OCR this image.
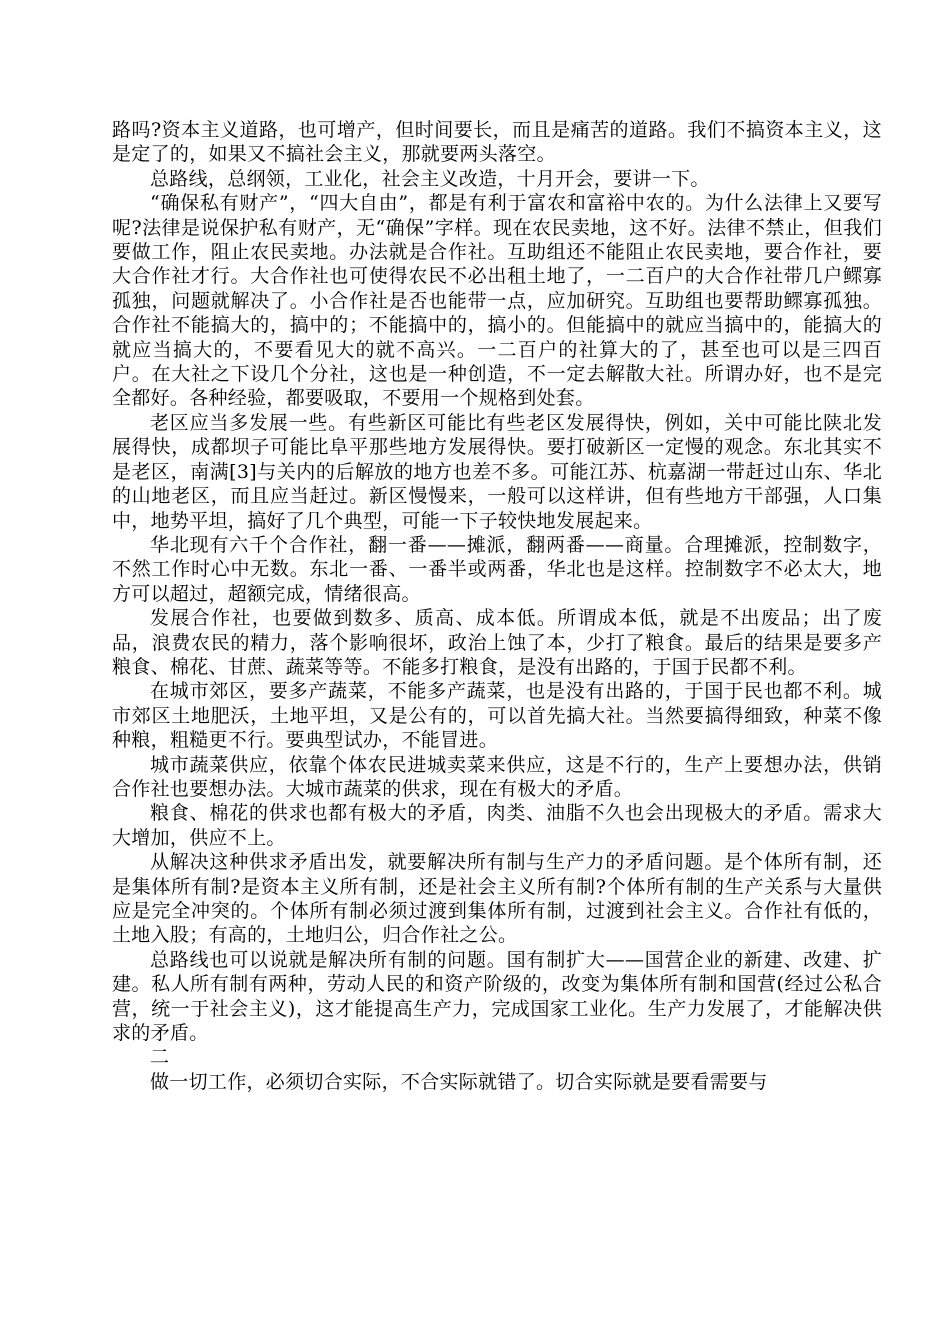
路吗?资本主义道路，也可增产，但时间要长，而且是痛苦的道路。我们不搞资本主义，这是定了的，如果又不搞社会主义，那就要两头落空。

总路线，总纲领，工业化，社会主义改造，十月开会，要讲一下。

“确保私有财产”，“四大自由”，都是有利于富农和富裕中农的。为什么法律上又要写呢?法律是说保护私有财产，无“确保”字样。现在农民卖地，这不好。法律不禁止，但我们要做工作，阻止农民卖地。办法就是合作社。互助组还不能阻止农民卖地，要合作社，要大合作社才行。大合作社也可使得农民不必出租土地了，一二百户的大合作社带几户鳏寡孤独，问题就解决了。小合作社是否也能带一点，应加研究。互助组也要帮助鳏寡孤独。合作社不能搞大的，搞中的；不能搞中的，搞小的。但能搞中的就应当搞中的，能搞大的就应当搞大的，不要看见大的就不高兴。一二百户的社算大的了，甚至也可以是三四百户。在大社之下设几个分社，这也是一种创造，不一定去解散大社。所谓办好，也不是完全都好。各种经验，都要吸取，不要用一个规格到处套。

老区应当多发展一些。有些新区可能比有些老区发展得快，例如，关中可能比陕北发展得快，成都坝子可能比阜平那些地方发展得快。要打破新区一定慢的观念。东北其实不是老区，南满[3]与关内的后解放的地方也差不多。可能江苏、杭嘉湖一带赶过山东、华北的山地老区，而且应当赶过。新区慢慢来，一般可以这样讲，但有些地方干部强，人口集中，地势平坦，搞好了几个典型，可能一下子较快地发展起来。

华北现有六千个合作社，翻一番——摊派，翻两番——商量。合理摊派，控制数字，不然工作时心中无数。东北一番、一番半或两番，华北也是这样。控制数字不必太大，地方可以超过，超额完成，情绪很高。

发展合作社，也要做到数多、质高、成本低。所谓成本低，就是不出废品；出了废品，浪费农民的精力，落个影响很坏，政治上蚀了本，少打了粮食。最后的结果是要多产粮食、棉花、甘蔗、蔬菜等等。不能多打粮食，是没有出路的，于国于民都不利。

在城市郊区，要多产蔬菜，不能多产蔬菜，也是没有出路的，于国于民也都不利。城市郊区土地肥沃，土地平坦，又是公有的，可以首先搞大社。当然要搞得细致，种菜不像种粮，粗糙更不行。要典型试办，不能冒进。

城市蔬菜供应，依靠个体农民进城卖菜来供应，这是不行的，生产上要想办法，供销合作社也要想办法。大城市蔬菜的供求，现在有极大的矛盾。

粮食、棉花的供求也都有极大的矛盾，肉类、油脂不久也会出现极大的矛盾。需求大大增加，供应不上。

从解决这种供求矛盾出发，就要解决所有制与生产力的矛盾问题。是个体所有制，还是集体所有制?是资本主义所有制，还是社会主义所有制?个体所有制的生产关系与大量供应是完全冲突的。个体所有制必须过渡到集体所有制，过渡到社会主义。合作社有低的，土地入股；有高的，土地归公，归合作社之公。

总路线也可以说就是解决所有制的问题。国有制扩大——国营企业的新建、改建、扩建。私人所有制有两种，劳动人民的和资产阶级的，改变为集体所有制和国营(经过公私合营，统一于社会主义)，这才能提高生产力，完成国家工业化。生产力发展了，才能解决供求的矛盾。

二

做一切工作，必须切合实际，不合实际就错了。切合实际就是要看需要与
